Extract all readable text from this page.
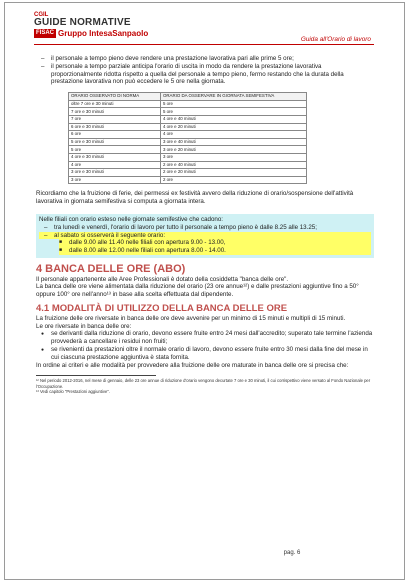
CGIL
GUIDE NORMATIVE
FISAC Gruppo IntesaSanpaolo
Guida all'Orario di lavoro
–	il personale a tempo pieno deve rendere una prestazione lavorativa pari alle prime 5 ore;
–	il personale a tempo parziale anticipa l'orario di uscita in modo da rendere la prestazione lavorativa proporzionalmente ridotta rispetto a quella del personale a tempo pieno, fermo restando che la durata della prestazione lavorativa non può eccedere le 5 ore nella giornata.
ORARIO OSSERVATO DI NORMA	ORARIO DA OSSERVARE IN GIORNATA SEMIFESTIVA
oltre 7 ore e 30 minuti	5 ore
7 ore e 30 minuti	5 ore
7 ore	4 ore e 40 minuti
6 ore e 30 minuti	4 ore e 20 minuti
6 ore	4 ore
5 ore e 30 minuti	3 ore e 40 minuti
5 ore	3 ore e 20 minuti
4 ore e 30 minuti	3 ore
4 ore	2 ore e 40 minuti
3 ore e 30 minuti	2 ore e 20 minuti
3 ore	2 ore
Ricordiamo che la fruizione di ferie, dei permessi ex festività avvero della riduzione di orario/sospensione dell'attività lavorativa in giornata semifestiva si computa a giornata intera.
Nelle filiali con orario esteso nelle giornate semifestive che cadono:
–	tra lunedì e venerdì, l'orario di lavoro per tutto il personale a tempo pieno è dalle 8.25 alle 13.25;
–	al sabato si osserverà il seguente orario:
■	dalle 9.00 alle 11.40 nelle filiali con apertura 9.00 - 13.00,
■	dalle 8.00 alle 12.00 nelle filiali con apertura 8.00 - 14.00.
4 BANCA DELLE ORE (ABO)
Il personale appartenente alle Aree Professionali è dotato della cosiddetta "banca delle ore".
La banca delle ore viene alimentata dalla riduzione del orario (23 ore annue¹²) e dalle prestazioni aggiuntive fino a 50° oppure 100° ore nell'anno¹³ in base alla scelta effettuata dal dipendente.
4.1 MODALITÀ DI UTILIZZO DELLA BANCA DELLE ORE
La fruizione delle ore riversate in banca delle ore deve avvenire per un minimo di 15 minuti e multipli di 15 minuti.
Le ore riversate in banca delle ore:
●	se derivanti dalla riduzione di orario, devono essere fruite entro 24 mesi dall'accredito; superato tale termine l'azienda provvederà a cancellare i residui non fruiti;
●	se rivenienti da prestazioni oltre il normale orario di lavoro, devono essere fruite entro 30 mesi dalla fine del mese in cui ciascuna prestazione aggiuntiva è stata fornita.
In ordine ai criteri e alle modalità per provvedere alla fruizione delle ore maturate in banca delle ore si precisa che:
¹² Nel periodo 2012-2016, nel mese di gennaio, delle 23 ore annue di riduzione d'orario vengono decurtate 7 ore e 30 minuti, il cui corrispettivo viene versato al Fondo Nazionale per l'Occupazione.
¹³ Vedi capitolo "Prestazioni aggiuntive".
pag. 6
